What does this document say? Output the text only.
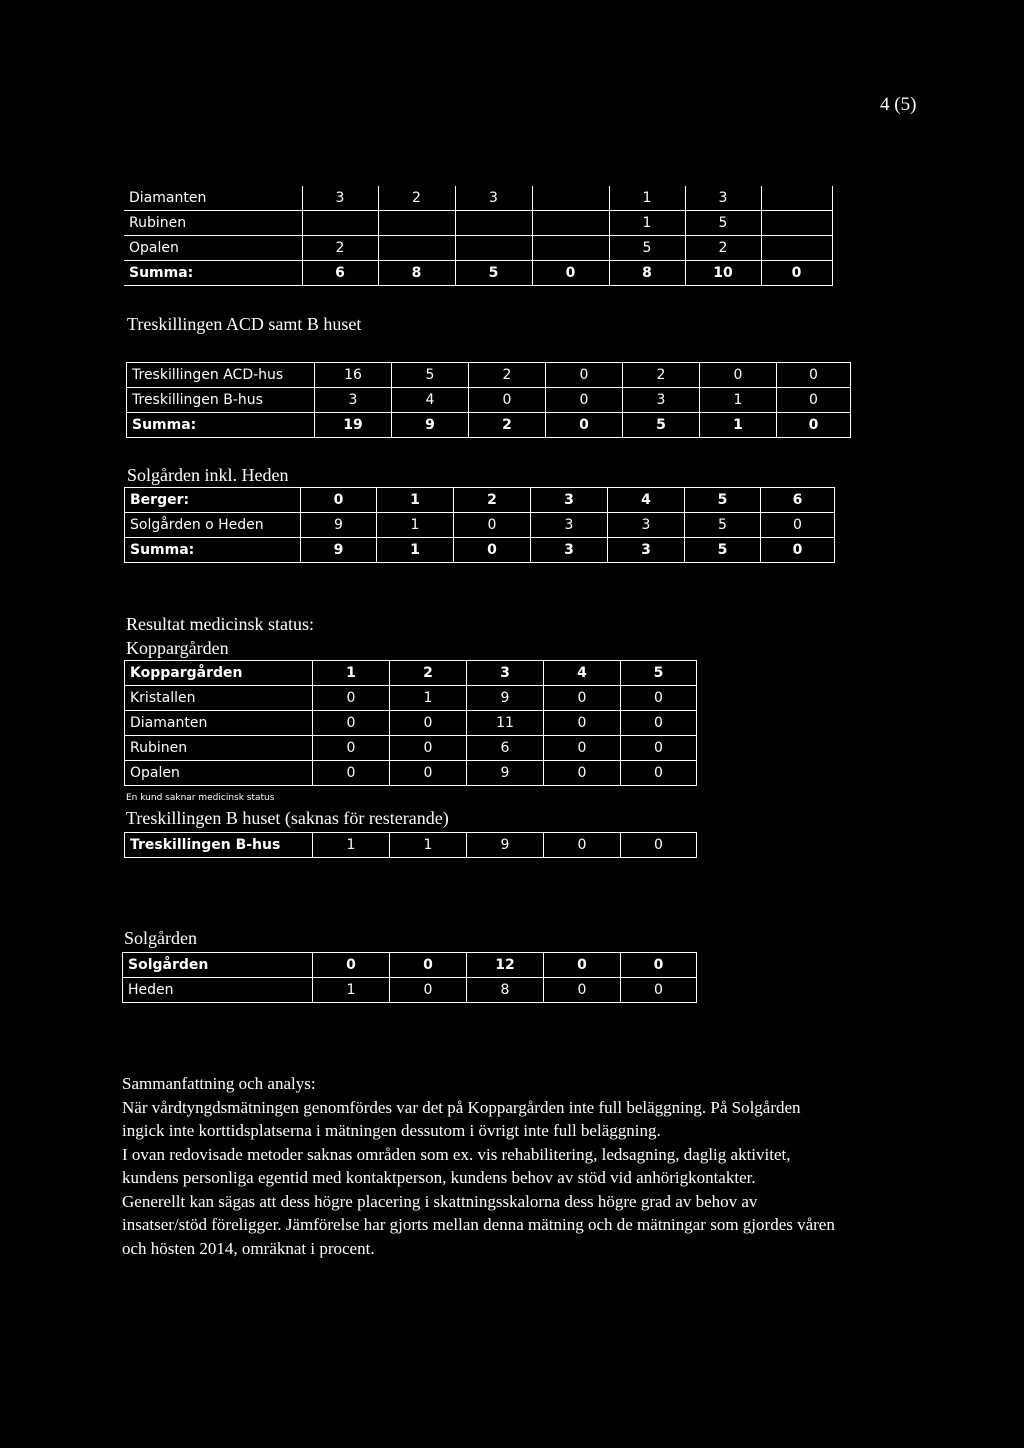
4 (5)
Diamanten	3	2	3		1	3	
Rubinen					1	5	
Opalen	2				5	2	
Summa:	6	8	5	0	8	10	0
Treskillingen ACD samt B huset
Treskillingen ACD-hus	16	5	2	0	2	0	0
Treskillingen B-hus	3	4	0	0	3	1	0
Summa:	19	9	2	0	5	1	0
Solgården inkl. Heden
Berger:	0	1	2	3	4	5	6
Solgården o Heden	9	1	0	3	3	5	0
Summa:	9	1	0	3	3	5	0
Resultat medicinsk status:
Koppargården
Koppargården	1	2	3	4	5
Kristallen	0	1	9	0	0
Diamanten	0	0	11	0	0
Rubinen	0	0	6	0	0
Opalen	0	0	9	0	0
En kund saknar medicinsk status
Treskillingen B huset (saknas för resterande)
Treskillingen B-hus	1	1	9	0	0
Solgården
Solgården	0	0	12	0	0
Heden	1	0	8	0	0

Sammanfattning och analys:

När vårdtyngdsmätningen genomfördes var det på Koppargården inte full beläggning. På Solgården ingick inte korttidsplatserna i mätningen dessutom i övrigt inte full beläggning.

I ovan redovisade metoder saknas områden som ex. vis rehabilitering, ledsagning, daglig aktivitet, kundens personliga egentid med kontaktperson, kundens behov av stöd vid anhörigkontakter.

Generellt kan sägas att dess högre placering i skattningsskalorna dess högre grad av behov av insatser/stöd föreligger. Jämförelse har gjorts mellan denna mätning och de mätningar som gjordes våren och hösten 2014, omräknat i procent.
